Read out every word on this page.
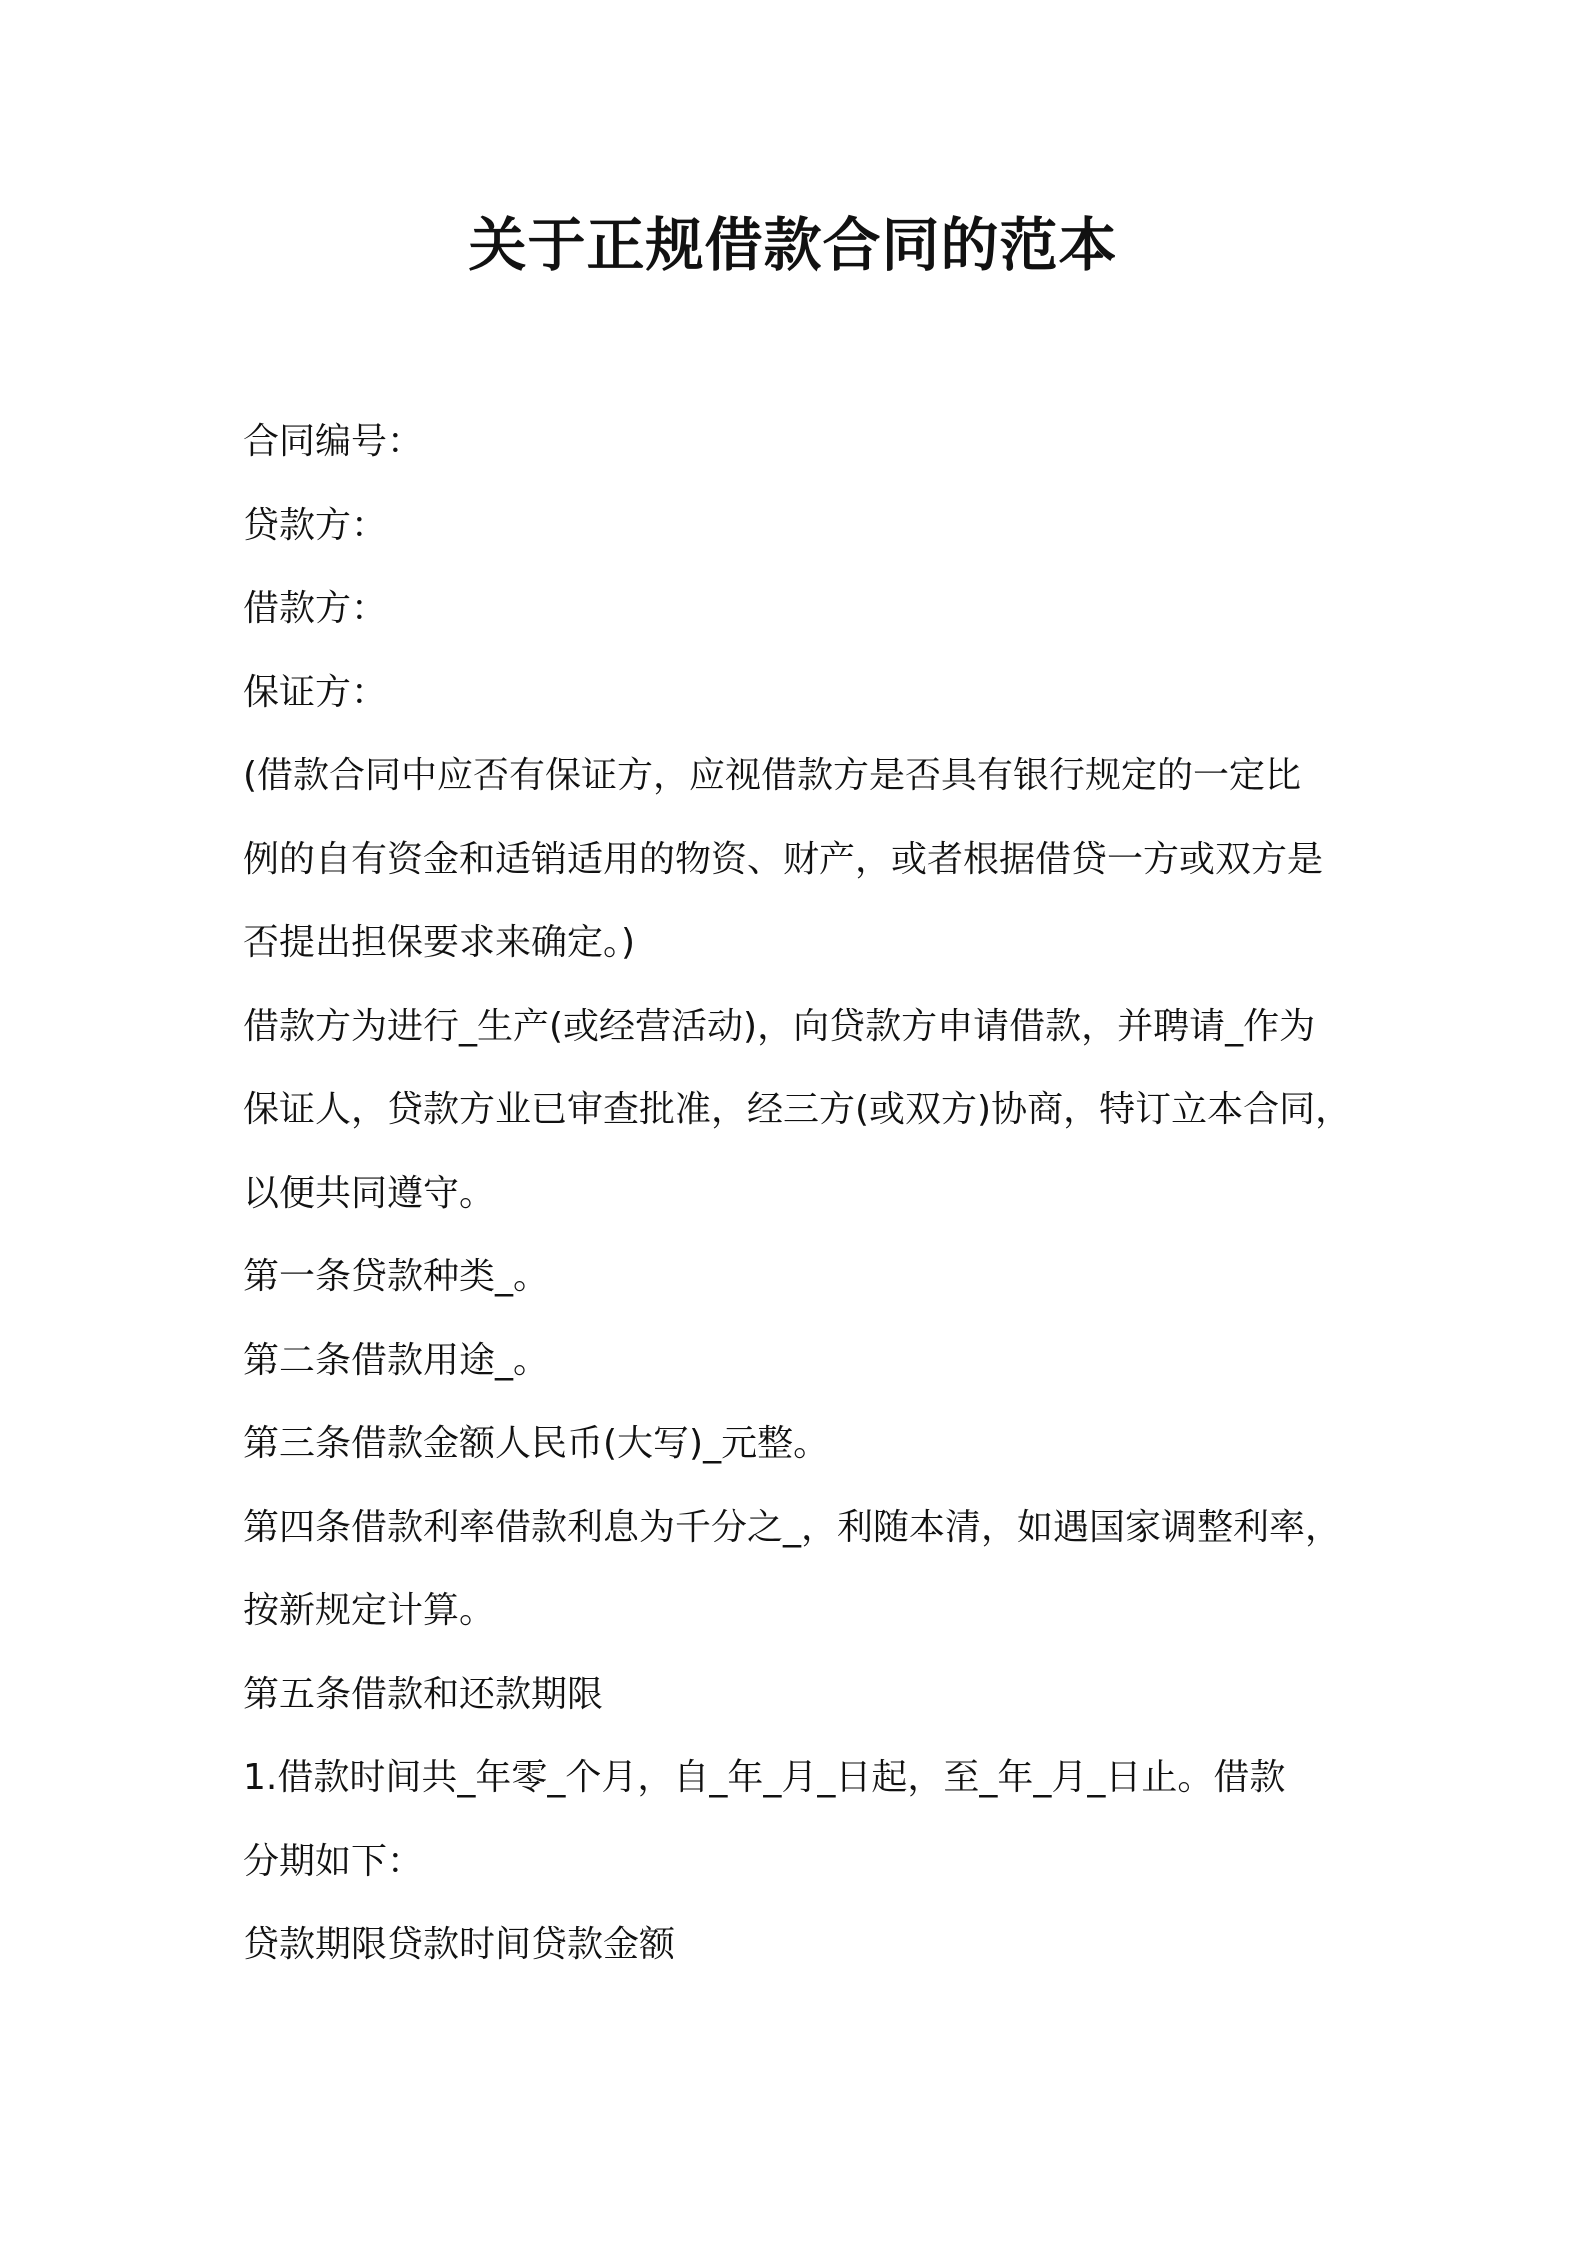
关于正规借款合同的范本
合同编号：
贷款方：
借款方：
保证方：
(借款合同中应否有保证方，应视借款方是否具有银行规定的一定比
例的自有资金和适销适用的物资、财产，或者根据借贷一方或双方是
否提出担保要求来确定。)
借款方为进行_生产(或经营活动)，向贷款方申请借款，并聘请_作为
保证人，贷款方业已审查批准，经三方(或双方)协商，特订立本合同，
以便共同遵守。
第一条贷款种类_。
第二条借款用途_。
第三条借款金额人民币(大写)_元整。
第四条借款利率借款利息为千分之_，利随本清，如遇国家调整利率，
按新规定计算。
第五条借款和还款期限
1.借款时间共_年零_个月，自_年_月_日起，至_年_月_日止。借款
分期如下：
贷款期限贷款时间贷款金额
